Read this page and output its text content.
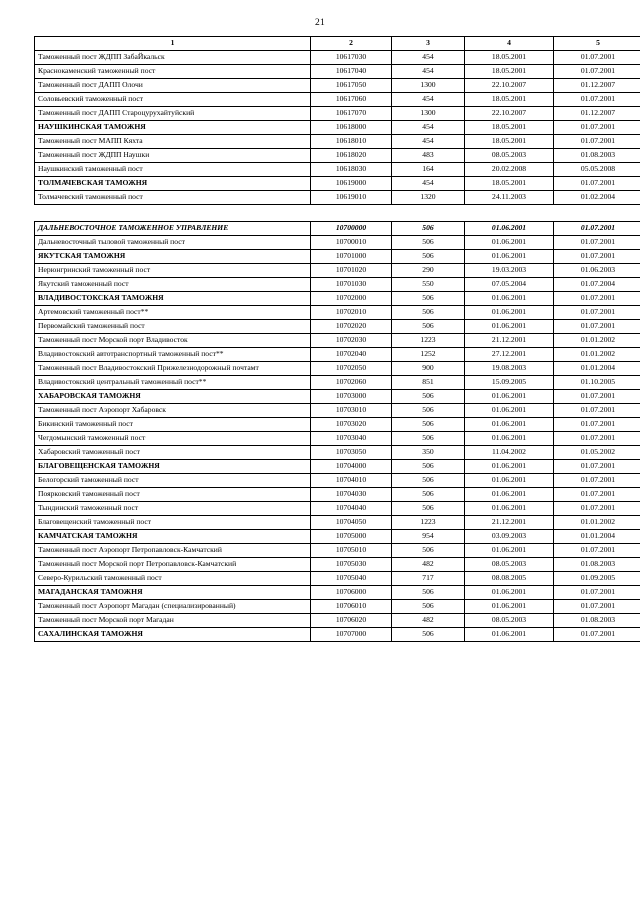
21
1	2	3	4	5
Таможенный пост ЖДПП ЗабаЙкальск	10617030	454	18.05.2001	01.07.2001
Краснокаменский таможенный пост	10617040	454	18.05.2001	01.07.2001
Таможенный пост ДАПП Олочи	10617050	1300	22.10.2007	01.12.2007
Соловьевский таможенный пост	10617060	454	18.05.2001	01.07.2001
Таможенный пост ДАПП Староцурухайтуйский	10617070	1300	22.10.2007	01.12.2007
НАУШКИНСКАЯ ТАМОЖНЯ	10618000	454	18.05.2001	01.07.2001
Таможенный пост МАПП Кяхта	10618010	454	18.05.2001	01.07.2001
Таможенный пост ЖДПП Наушки	10618020	483	08.05.2003	01.08.2003
Наушкинский таможенный пост	10618030	164	20.02.2008	05.05.2008
ТОЛМАЧЕВСКАЯ ТАМОЖНЯ	10619000	454	18.05.2001	01.07.2001
Толмачевский таможенный пост	10619010	1320	24.11.2003	01.02.2004
ДАЛЬНЕВОСТОЧНОЕ ТАМОЖЕННОЕ УПРАВЛЕНИЕ	10700000	506	01.06.2001	01.07.2001
Дальневосточный тыловой таможенный пост	10700010	506	01.06.2001	01.07.2001
ЯКУТСКАЯ ТАМОЖНЯ	10701000	506	01.06.2001	01.07.2001
Нерюнгринский таможенный пост	10701020	290	19.03.2003	01.06.2003
Якутский таможенный пост	10701030	550	07.05.2004	01.07.2004
ВЛАДИВОСТОКСКАЯ ТАМОЖНЯ	10702000	506	01.06.2001	01.07.2001
Артемовский таможенный пост**	10702010	506	01.06.2001	01.07.2001
Первомайский таможенный пост	10702020	506	01.06.2001	01.07.2001
Таможенный пост Морской порт Владивосток	10702030	1223	21.12.2001	01.01.2002
Владивостокский автотранспортный таможенный пост**	10702040	1252	27.12.2001	01.01.2002
Таможенный пост Владивостокский Прижелезнодорожный почтамт	10702050	900	19.08.2003	01.01.2004
Владивостокский центральный таможенный пост**	10702060	851	15.09.2005	01.10.2005
ХАБАРОВСКАЯ ТАМОЖНЯ	10703000	506	01.06.2001	01.07.2001
Таможенный пост Аэропорт Хабаровск	10703010	506	01.06.2001	01.07.2001
Бикинский таможенный пост	10703020	506	01.06.2001	01.07.2001
Чегдомынский таможенный пост	10703040	506	01.06.2001	01.07.2001
Хабаровский таможенный пост	10703050	350	11.04.2002	01.05.2002
БЛАГОВЕЩЕНСКАЯ ТАМОЖНЯ	10704000	506	01.06.2001	01.07.2001
Белогорский таможенный пост	10704010	506	01.06.2001	01.07.2001
Поярковский таможенный пост	10704030	506	01.06.2001	01.07.2001
Тындинский таможенный пост	10704040	506	01.06.2001	01.07.2001
Благовещенский таможенный пост	10704050	1223	21.12.2001	01.01.2002
КАМЧАТСКАЯ ТАМОЖНЯ	10705000	954	03.09.2003	01.01.2004
Таможенный пост Аэропорт Петропавловск-Камчатский	10705010	506	01.06.2001	01.07.2001
Таможенный пост Морской порт Петропавловск-Камчатский	10705030	482	08.05.2003	01.08.2003
Северо-Курильский таможенный пост	10705040	717	08.08.2005	01.09.2005
МАГАДАНСКАЯ ТАМОЖНЯ	10706000	506	01.06.2001	01.07.2001
Таможенный пост Аэропорт Магадан (специализированный)	10706010	506	01.06.2001	01.07.2001
Таможенный пост Морской порт Магадан	10706020	482	08.05.2003	01.08.2003
САХАЛИНСКАЯ ТАМОЖНЯ	10707000	506	01.06.2001	01.07.2001
